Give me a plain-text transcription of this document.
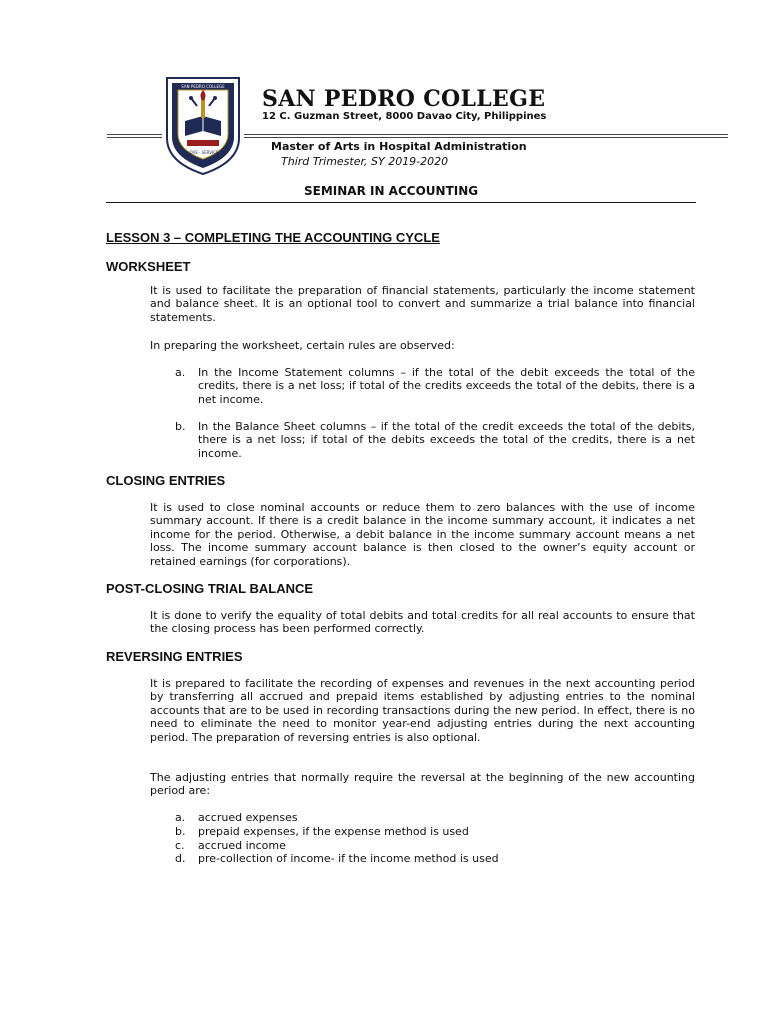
SAN PEDRO COLLEGE
LOVE · SERVICE
SAN PEDRO COLLEGE
12 C. Guzman Street, 8000 Davao City, Philippines
Master of Arts in Hospital Administration
Third Trimester, SY 2019-2020
SEMINAR IN ACCOUNTING
LESSON 3 – COMPLETING THE ACCOUNTING CYCLE
WORKSHEET
It is used to facilitate the preparation of financial statements, particularly the income statement and balance sheet. It is an optional tool to convert and summarize a trial balance into financial statements.
In preparing the worksheet, certain rules are observed:
a.	In the Income Statement columns – if the total of the debit exceeds the total of the credits, there is a net loss; if total of the credits exceeds the total of the debits, there is a net income.
b.	In the Balance Sheet columns – if the total of the credit exceeds the total of the debits, there is a net loss; if total of the debits exceeds the total of the credits, there is a net income.
CLOSING ENTRIES
It is used to close nominal accounts or reduce them to zero balances with the use of income summary account. If there is a credit balance in the income summary account, it indicates a net income for the period. Otherwise, a debit balance in the income summary account means a net loss. The income summary account balance is then closed to the owner’s equity account or retained earnings (for corporations).
POST-CLOSING TRIAL BALANCE
It is done to verify the equality of total debits and total credits for all real accounts to ensure that the closing process has been performed correctly.
REVERSING ENTRIES
It is prepared to facilitate the recording of expenses and revenues in the next accounting period by transferring all accrued and prepaid items established by adjusting entries to the nominal accounts that are to be used in recording transactions during the new period. In effect, there is no need to eliminate the need to monitor year-end adjusting entries during the next accounting period. The preparation of reversing entries is also optional.
The adjusting entries that normally require the reversal at the beginning of the new accounting period are:
a. accrued expenses
b. prepaid expenses, if the expense method is used
c. accrued income
d. pre-collection of income- if the income method is used
